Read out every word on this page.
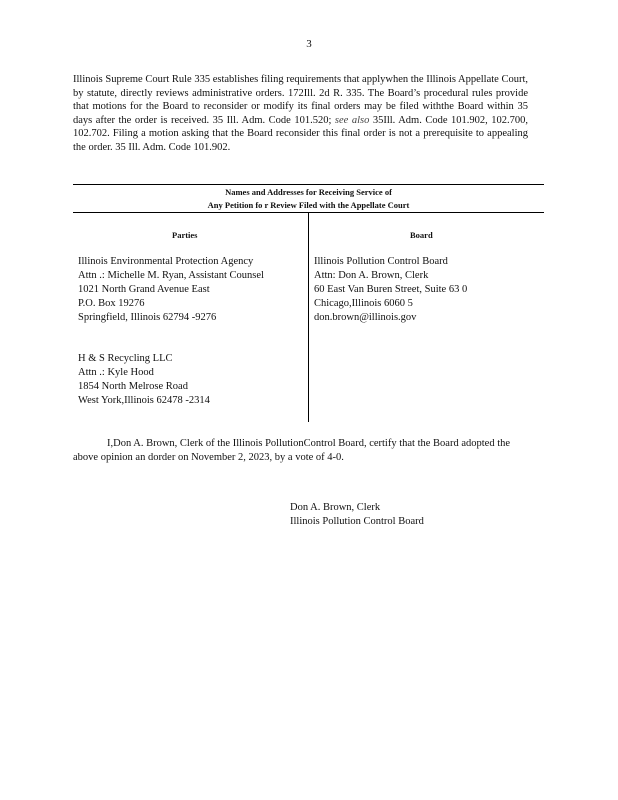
3
Illinois Supreme Court Rule 335 establishes filing requirements that applywhen the Illinois Appellate Court, by statute, directly reviews administrative orders. 172Ill. 2d R. 335. The Board’s procedural rules provide that motions for the Board to reconsider or modify its final orders may be filed withthe Board within 35 days after the order is received. 35 Ill. Adm. Code 101.520; see also 35Ill. Adm. Code 101.902, 102.700, 102.702. Filing a motion asking that the Board reconsider this final order is not a prerequisite to appealing the order. 35 Ill. Adm. Code 101.902.
Names and Addresses for Receiving Service of
Any Petition fo r Review Filed with the Appellate Court
Parties	Board
Illinois Environmental Protection Agency
Attn .: Michelle M. Ryan, Assistant Counsel
1021 North Grand Avenue East
P.O. Box 19276
Springfield, Illinois 62794 -9276
H & S Recycling LLC
Attn .: Kyle Hood
1854 North Melrose Road
West York,Illinois 62478 -2314
Illinois Pollution Control Board
Attn: Don A. Brown, Clerk
60 East Van Buren Street, Suite 63 0
Chicago,Illinois 6060 5
don.brown@illinois.gov
I,Don A. Brown, Clerk of the Illinois PollutionControl Board, certify that the Board adopted the above opinion an dorder on November 2, 2023, by a vote of 4-0.
Don A. Brown, Clerk
Illinois Pollution Control Board
